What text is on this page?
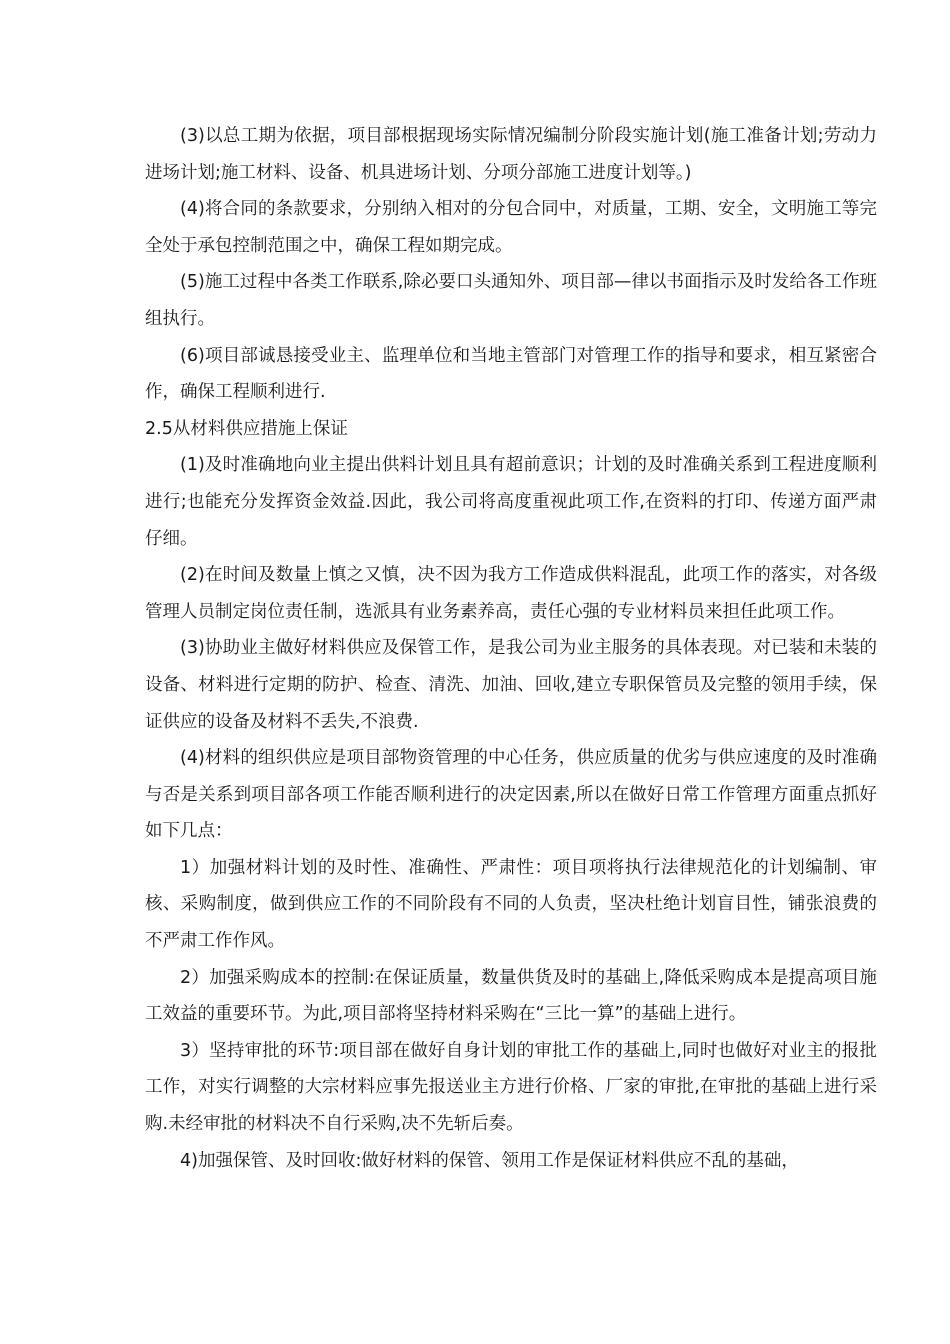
(3)以总工期为依据，项目部根据现场实际情况编制分阶段实施计划(施工准备计划;劳动力进场计划;施工材料、设备、机具进场计划、分项分部施工进度计划等。)

(4)将合同的条款要求，分别纳入相对的分包合同中，对质量，工期、安全，文明施工等完全处于承包控制范围之中，确保工程如期完成。

(5)施工过程中各类工作联系,除必要口头通知外、项目部—律以书面指示及时发给各工作班组执行。

(6)项目部诚恳接受业主、监理单位和当地主管部门对管理工作的指导和要求，相互紧密合作，确保工程顺利进行.

2.5从材料供应措施上保证

(1)及时准确地向业主提出供料计划且具有超前意识；计划的及时准确关系到工程进度顺利进行;也能充分发挥资金效益.因此，我公司将高度重视此项工作,在资料的打印、传递方面严肃仔细。

(2)在时间及数量上慎之又慎，决不因为我方工作造成供料混乱，此项工作的落实，对各级管理人员制定岗位责任制，选派具有业务素养高，责任心强的专业材料员来担任此项工作。

(3)协助业主做好材料供应及保管工作，是我公司为业主服务的具体表现。对已装和未装的设备、材料进行定期的防护、检查、清洗、加油、回收,建立专职保管员及完整的领用手续，保证供应的设备及材料不丢失,不浪费.

(4)材料的组织供应是项目部物资管理的中心任务，供应质量的优劣与供应速度的及时准确与否是关系到项目部各项工作能否顺利进行的决定因素,所以在做好日常工作管理方面重点抓好如下几点：

1）加强材料计划的及时性、准确性、严肃性：项目项将执行法律规范化的计划编制、审核、采购制度，做到供应工作的不同阶段有不同的人负责，坚决杜绝计划盲目性，铺张浪费的不严肃工作作风。

2）加强采购成本的控制:在保证质量，数量供货及时的基础上,降低采购成本是提高项目施工效益的重要环节。为此,项目部将坚持材料采购在“三比一算”的基础上进行。

3）坚持审批的环节:项目部在做好自身计划的审批工作的基础上,同时也做好对业主的报批工作，对实行调整的大宗材料应事先报送业主方进行价格、厂家的审批,在审批的基础上进行采购.未经审批的材料决不自行采购,决不先斩后奏。

4)加强保管、及时回收:做好材料的保管、领用工作是保证材料供应不乱的基础，
